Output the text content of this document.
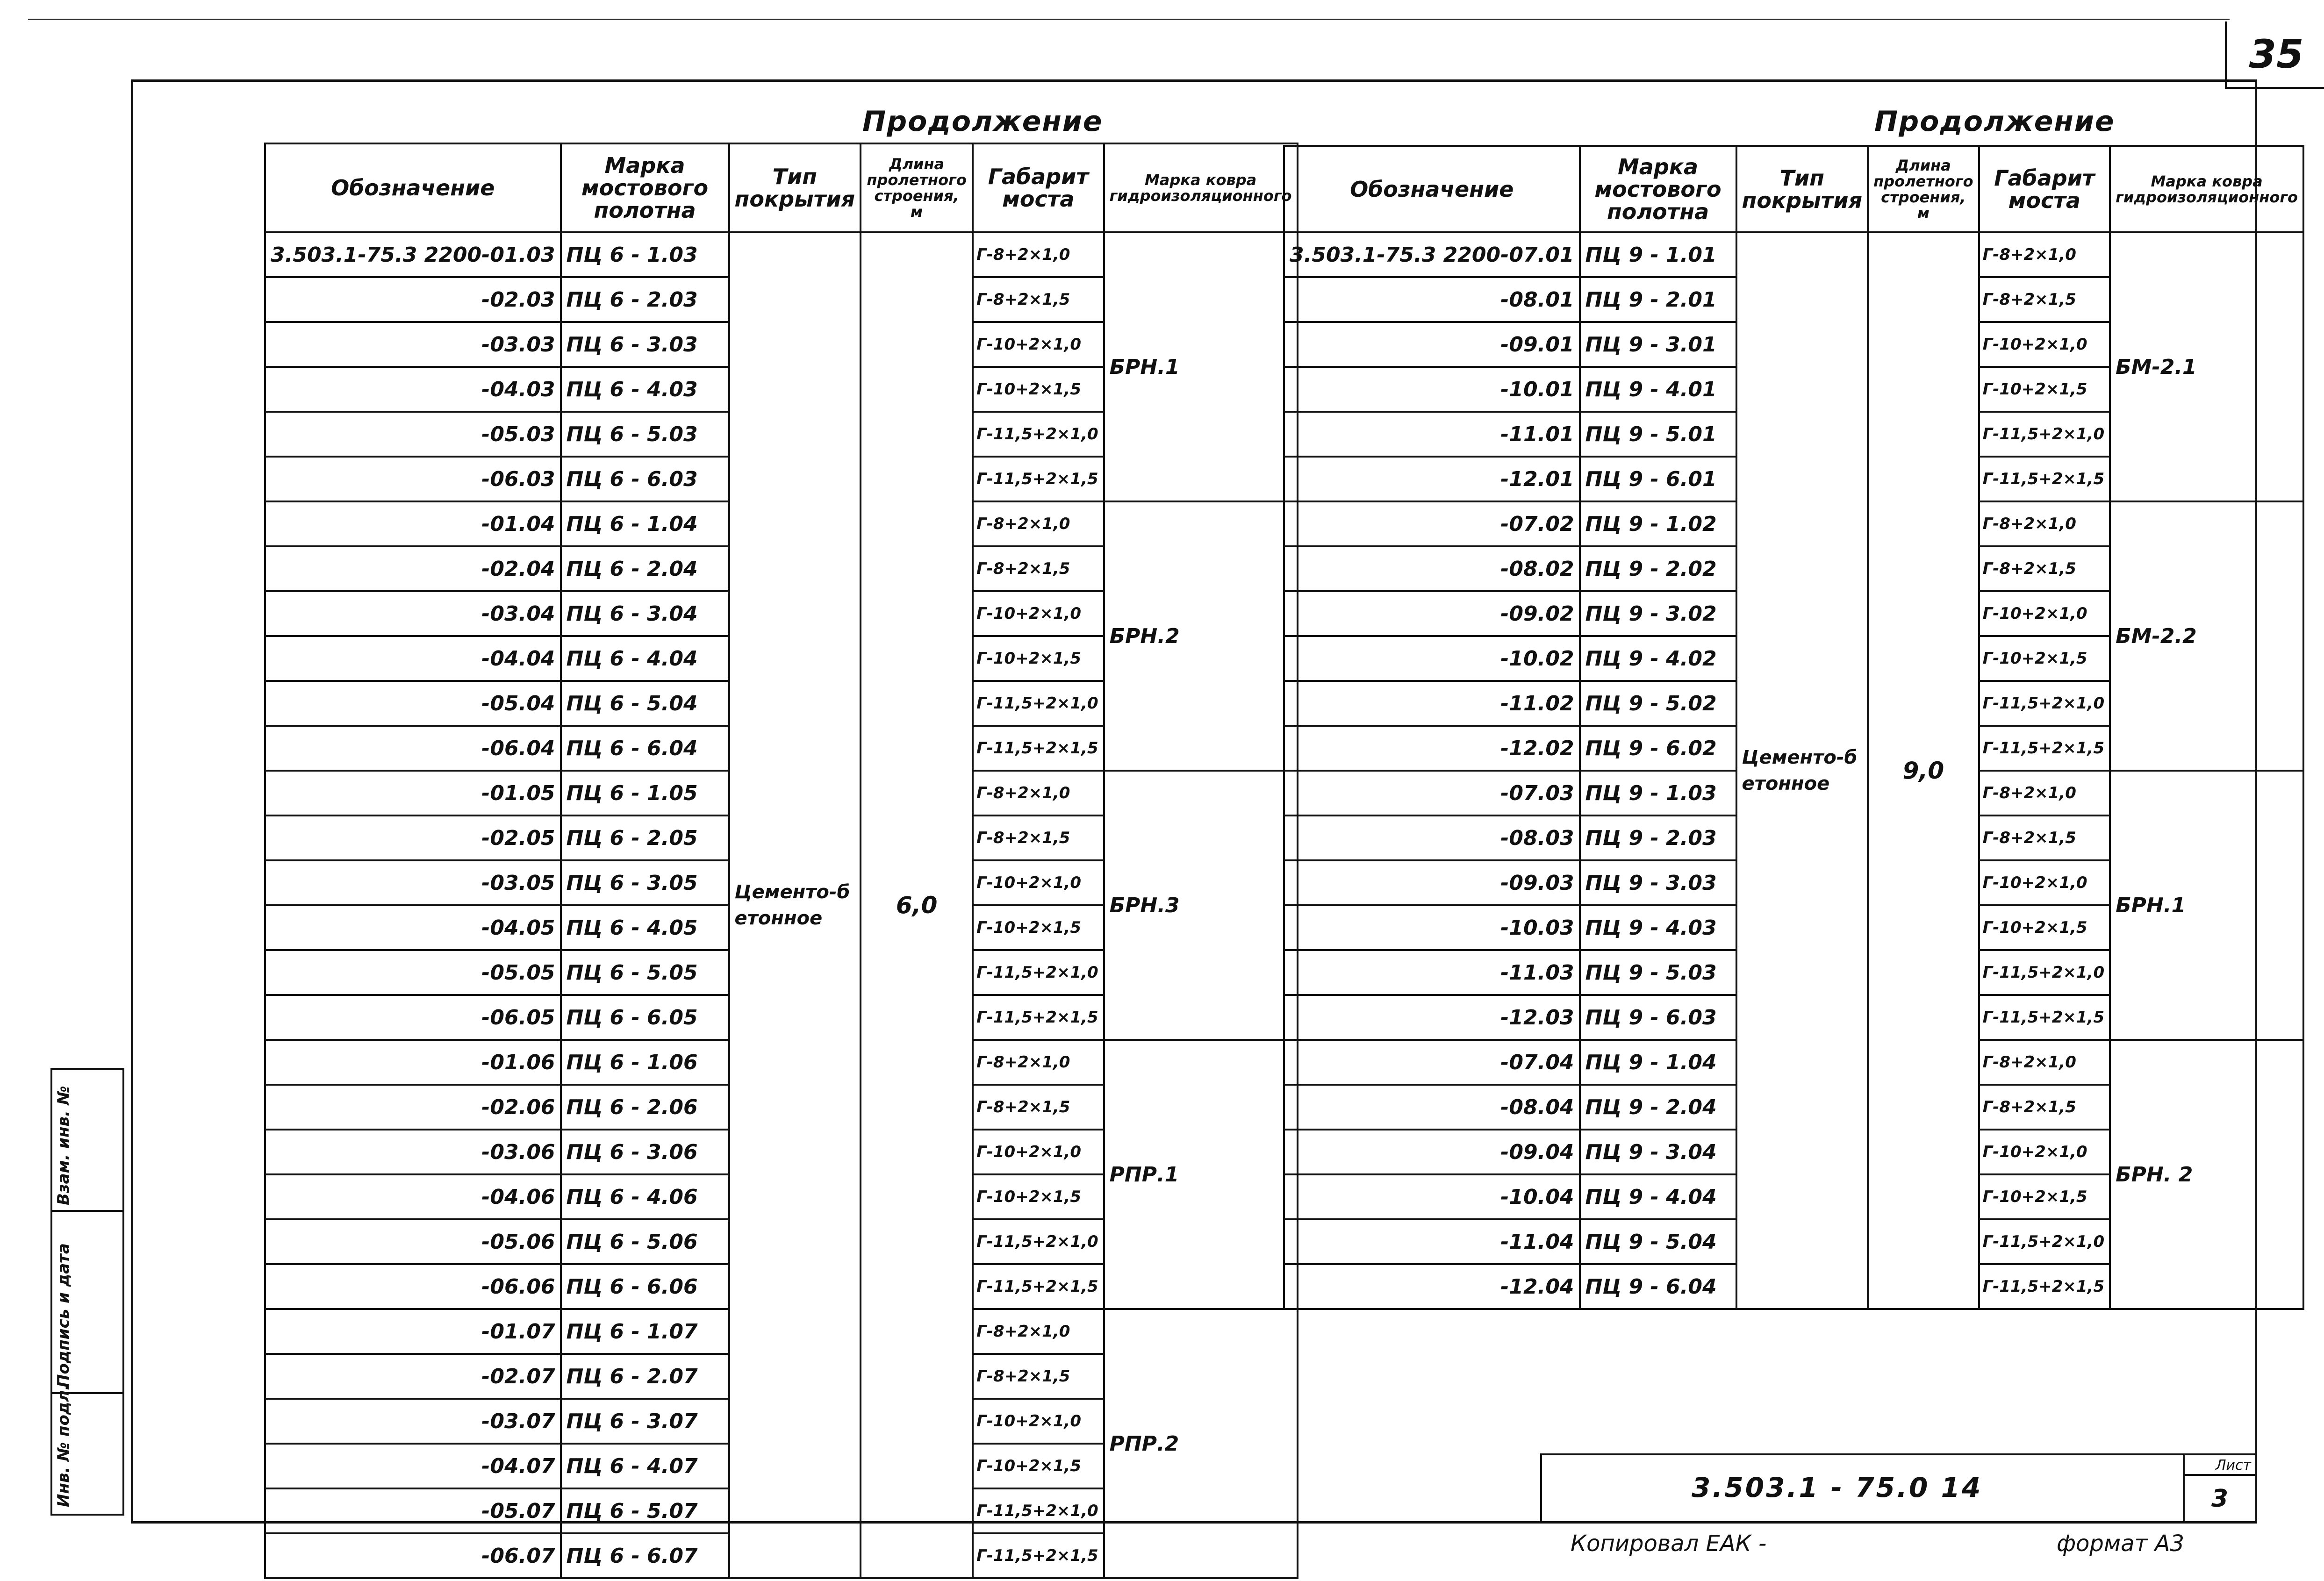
35
Продолжение	Продолжение
Обозначение	Марка мостового полотна	Тип покрытия	Длина пролетного строения, м	Габарит моста	Марка ковра гидроизоляционного
3.503.1-75.3 2200-01.03	ПЦ 6 - 1.03	Цементо-бетонное	6,0	Г-8+2×1,0	БРН.1
-02.03	ПЦ 6 - 2.03			Г-8+2×1,5	
-03.03	ПЦ 6 - 3.03			Г-10+2×1,0	
-04.03	ПЦ 6 - 4.03			Г-10+2×1,5	
-05.03	ПЦ 6 - 5.03			Г-11,5+2×1,0	
-06.03	ПЦ 6 - 6.03			Г-11,5+2×1,5	
-01.04	ПЦ 6 - 1.04			Г-8+2×1,0	БРН.2
-02.04	ПЦ 6 - 2.04			Г-8+2×1,5	
-03.04	ПЦ 6 - 3.04			Г-10+2×1,0	
-04.04	ПЦ 6 - 4.04			Г-10+2×1,5	
-05.04	ПЦ 6 - 5.04			Г-11,5+2×1,0	
-06.04	ПЦ 6 - 6.04			Г-11,5+2×1,5	
-01.05	ПЦ 6 - 1.05			Г-8+2×1,0	БРН.3
-02.05	ПЦ 6 - 2.05			Г-8+2×1,5	
-03.05	ПЦ 6 - 3.05			Г-10+2×1,0	
-04.05	ПЦ 6 - 4.05			Г-10+2×1,5	
-05.05	ПЦ 6 - 5.05			Г-11,5+2×1,0	
-06.05	ПЦ 6 - 6.05			Г-11,5+2×1,5	
-01.06	ПЦ 6 - 1.06			Г-8+2×1,0	РПР.1
-02.06	ПЦ 6 - 2.06			Г-8+2×1,5	
-03.06	ПЦ 6 - 3.06			Г-10+2×1,0	
-04.06	ПЦ 6 - 4.06			Г-10+2×1,5	
-05.06	ПЦ 6 - 5.06			Г-11,5+2×1,0	
-06.06	ПЦ 6 - 6.06			Г-11,5+2×1,5	
-01.07	ПЦ 6 - 1.07			Г-8+2×1,0	РПР.2
-02.07	ПЦ 6 - 2.07			Г-8+2×1,5	
-03.07	ПЦ 6 - 3.07			Г-10+2×1,0	
-04.07	ПЦ 6 - 4.07			Г-10+2×1,5	
-05.07	ПЦ 6 - 5.07			Г-11,5+2×1,0	
-06.07	ПЦ 6 - 6.07			Г-11,5+2×1,5	
Обозначение	Марка мостового полотна	Тип покрытия	Длина пролетного строения, м	Габарит моста	Марка ковра гидроизоляционного
3.503.1-75.3 2200-07.01	ПЦ 9 - 1.01	Цементо-бетонное	9,0	Г-8+2×1,0	БМ-2.1
-08.01	ПЦ 9 - 2.01			Г-8+2×1,5	
-09.01	ПЦ 9 - 3.01			Г-10+2×1,0	
-10.01	ПЦ 9 - 4.01			Г-10+2×1,5	
-11.01	ПЦ 9 - 5.01			Г-11,5+2×1,0	
-12.01	ПЦ 9 - 6.01			Г-11,5+2×1,5	
-07.02	ПЦ 9 - 1.02			Г-8+2×1,0	БМ-2.2
-08.02	ПЦ 9 - 2.02			Г-8+2×1,5	
-09.02	ПЦ 9 - 3.02			Г-10+2×1,0	
-10.02	ПЦ 9 - 4.02			Г-10+2×1,5	
-11.02	ПЦ 9 - 5.02			Г-11,5+2×1,0	
-12.02	ПЦ 9 - 6.02			Г-11,5+2×1,5	
-07.03	ПЦ 9 - 1.03			Г-8+2×1,0	БРН.1
-08.03	ПЦ 9 - 2.03			Г-8+2×1,5	
-09.03	ПЦ 9 - 3.03			Г-10+2×1,0	
-10.03	ПЦ 9 - 4.03			Г-10+2×1,5	
-11.03	ПЦ 9 - 5.03			Г-11,5+2×1,0	
-12.03	ПЦ 9 - 6.03			Г-11,5+2×1,5	
-07.04	ПЦ 9 - 1.04			Г-8+2×1,0	БРН. 2
-08.04	ПЦ 9 - 2.04			Г-8+2×1,5	
-09.04	ПЦ 9 - 3.04			Г-10+2×1,0	
-10.04	ПЦ 9 - 4.04			Г-10+2×1,5	
-11.04	ПЦ 9 - 5.04			Г-11,5+2×1,0	
-12.04	ПЦ 9 - 6.04			Г-11,5+2×1,5	
Взам. инв. №
Подпись и дата
Инв. № подл.	3.503.1 - 75.0 14
Лист
3
Копировал ЕАК -	формат А3
